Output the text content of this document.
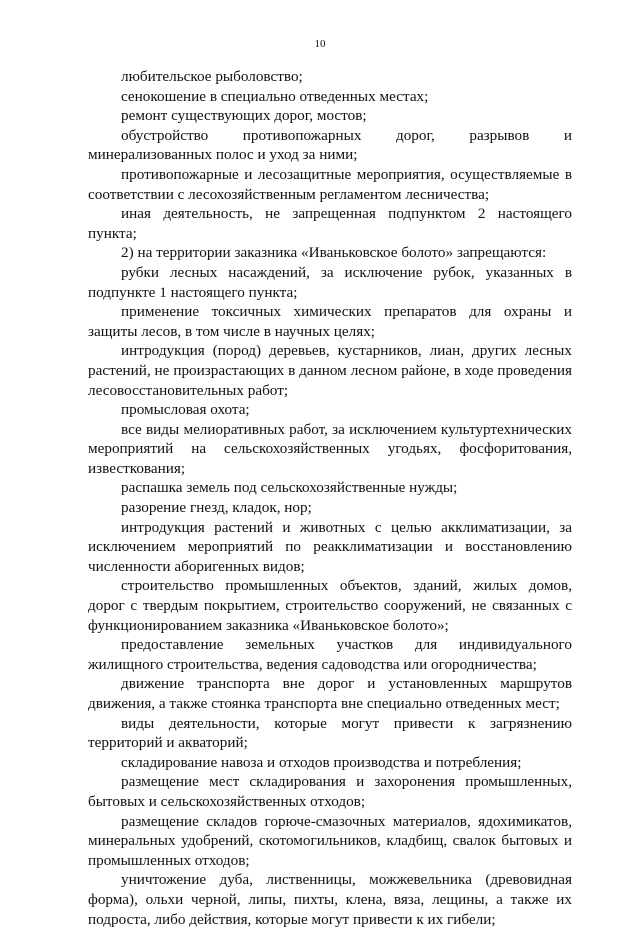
10

любительское рыболовство;

сенокошение в специально отведенных местах;

ремонт существующих дорог, мостов;

обустройство противопожарных дорог, разрывов и минерализованных полос и уход за ними;

противопожарные и лесозащитные мероприятия, осуществляемые в соответствии с лесохозяйственным регламентом лесничества;

иная деятельность, не запрещенная подпунктом 2 настоящего пункта;

2) на территории заказника «Иваньковское болото» запрещаются:

рубки лесных насаждений, за исключение рубок, указанных в подпункте 1 настоящего пункта;

применение токсичных химических препаратов для охраны и защиты лесов, в том числе в научных целях;

интродукция (пород) деревьев, кустарников, лиан, других лесных растений, не произрастающих в данном лесном районе, в ходе проведения лесовосстановительных работ;

промысловая охота;

все виды мелиоративных работ, за исключением культуртехнических мероприятий на сельскохозяйственных угодьях, фосфоритования, известкования;

распашка земель под сельскохозяйственные нужды;

разорение гнезд, кладок, нор;

интродукция растений и животных с целью акклиматизации, за исключением мероприятий по реакклиматизации и восстановлению численности аборигенных видов;

строительство промышленных объектов, зданий, жилых домов, дорог с твердым покрытием, строительство сооружений, не связанных с функционированием заказника «Иваньковское болото»;

предоставление земельных участков для индивидуального жилищного строительства, ведения садоводства или огородничества;

движение транспорта вне дорог и установленных маршрутов движения, а также стоянка транспорта вне специально отведенных мест;

виды деятельности, которые могут привести к загрязнению территорий и акваторий;

складирование навоза и отходов производства и потребления;

размещение мест складирования и захоронения промышленных, бытовых и сельскохозяйственных отходов;

размещение складов горюче-смазочных материалов, ядохимикатов, минеральных удобрений, скотомогильников, кладбищ, свалок бытовых и промышленных отходов;

уничтожение дуба, лиственницы, можжевельника (древовидная форма), ольхи черной, липы, пихты, клена, вяза, лещины, а также их подроста, либо действия, которые могут привести к их гибели;
